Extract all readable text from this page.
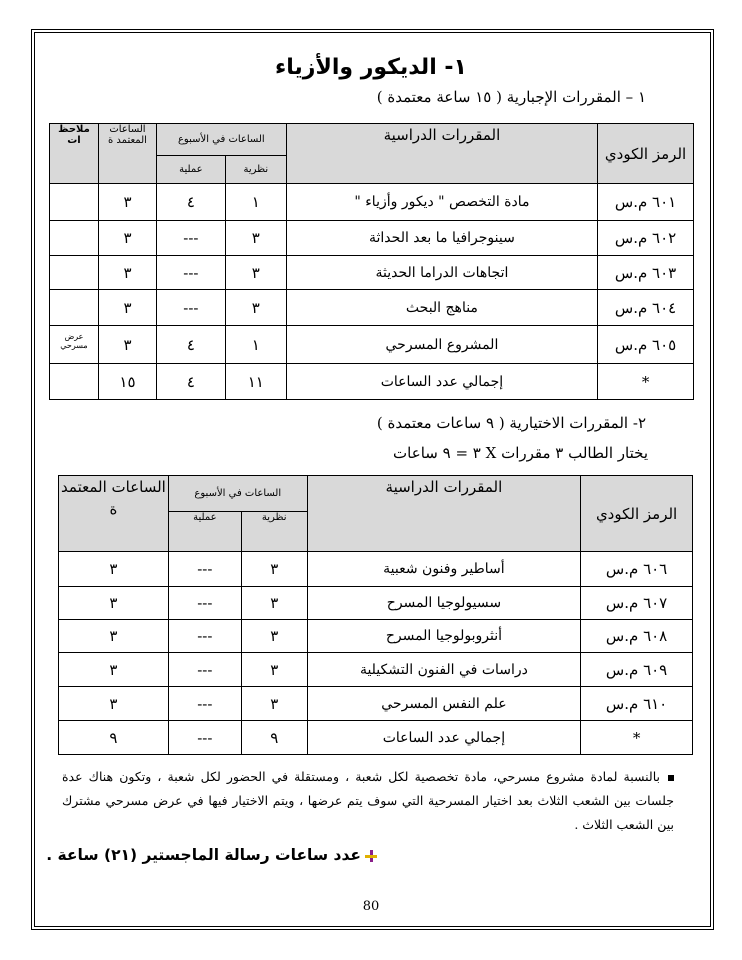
١- الديكور والأزياء
١ – المقررات الإجبارية ( ١٥ ساعة معتمدة )
الرمز الكودي	المقررات الدراسية	الساعات في الأسبوع		الساعات المعتمد ة	ملاحظ ات
		نظرية	عملية		
٦٠١ م.س	مادة التخصص " ديكور وأزياء "	١	٤	٣	
٦٠٢ م.س	سينوجرافيا ما بعد الحداثة	٣	---	٣	
٦٠٣ م.س	اتجاهات الدراما الحديثة	٣	---	٣	
٦٠٤ م.س	مناهج البحث	٣	---	٣	
٦٠٥ م.س	المشروع المسرحي	١	٤	٣	عرض مسرحي
*	إجمالي عدد الساعات	١١	٤	١٥	
٢- المقررات الاختيارية ( ٩ ساعات معتمدة )
يختار الطالب ٣ مقررات X ٣ = ٩ ساعات
الرمز الكودي	المقررات الدراسية	الساعات في الأسبوع		الساعات المعتمد ة
		نظرية	عملية	
٦٠٦ م.س	أساطير وفنون شعبية	٣	---	٣
٦٠٧ م.س	سسيولوجيا المسرح	٣	---	٣
٦٠٨ م.س	أنثروبولوجيا المسرح	٣	---	٣
٦٠٩ م.س	دراسات في الفنون التشكيلية	٣	---	٣
٦١٠ م.س	علم النفس المسرحي	٣	---	٣
*	إجمالي عدد الساعات	٩	---	٩
بالنسبة لمادة مشروع مسرحي، مادة تخصصية لكل شعبة ، ومستقلة في الحضور لكل شعبة ، وتكون هناك عدة جلسات بين الشعب الثلاث بعد اختيار المسرحية التي سوف يتم عرضها ، ويتم الاختيار فيها في عرض مسرحي مشترك بين الشعب الثلاث .
عدد ساعات رسالة الماجستير (٢١) ساعة .
80
